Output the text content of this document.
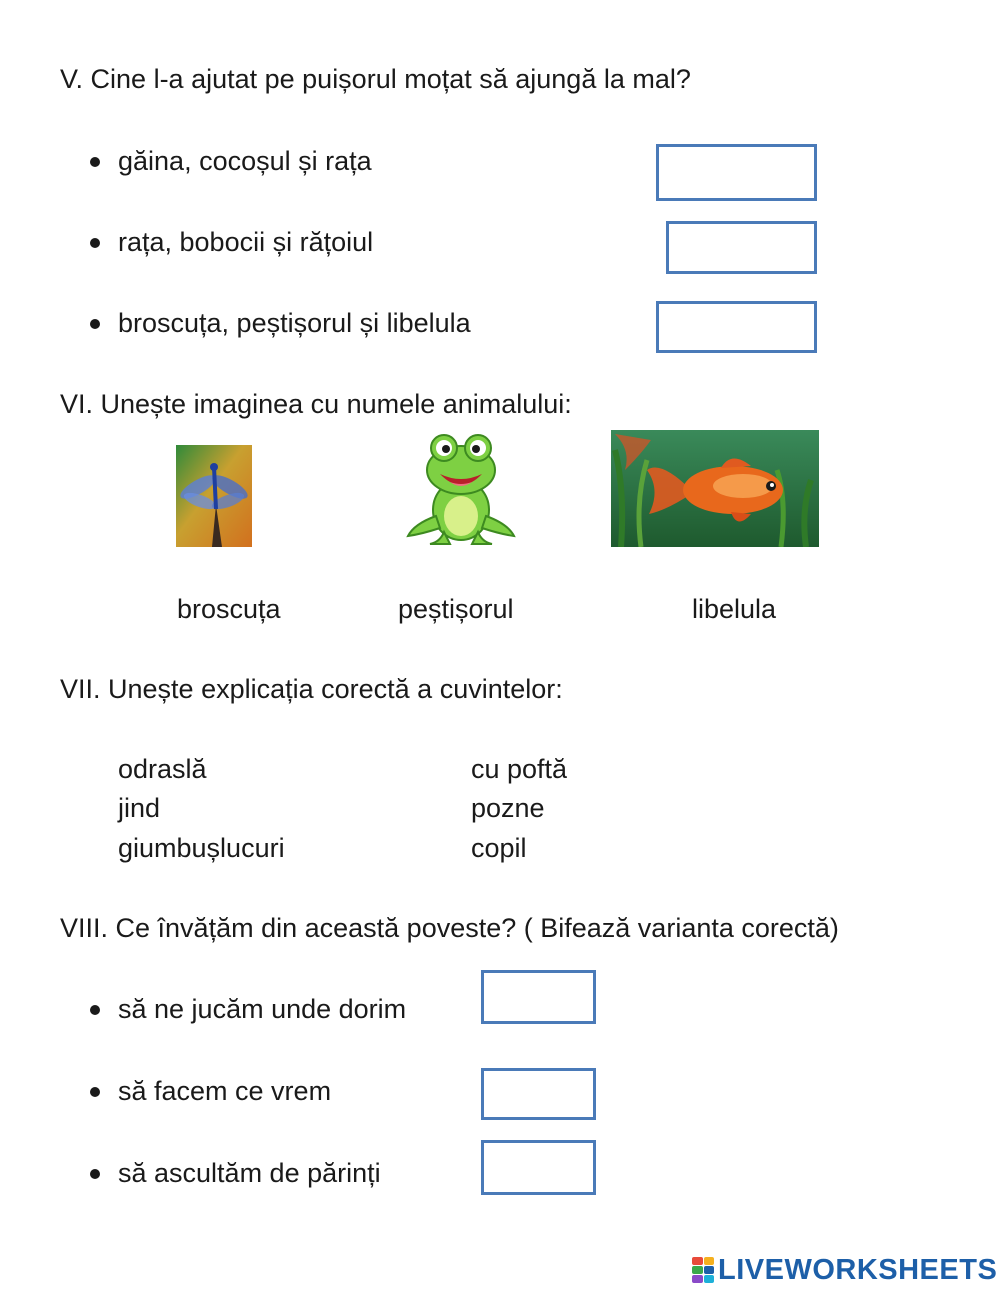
V. Cine l-a ajutat pe puișorul moțat să ajungă la mal?
găina, cocoșul și rața
rața, bobocii și rățoiul
broscuța, peștișorul și libelula
VI. Unește imaginea cu numele animalului:
broscuța	peștișorul	libelula
VII. Unește explicația corectă a cuvintelor:
odraslă
jind
giumbușlucuri
cu poftă
pozne
copil
VIII. Ce învățăm din această poveste? ( Bifează varianta corectă)
să ne jucăm unde dorim
să facem ce vrem
să ascultăm de părinți
LIVEWORKSHEETS
